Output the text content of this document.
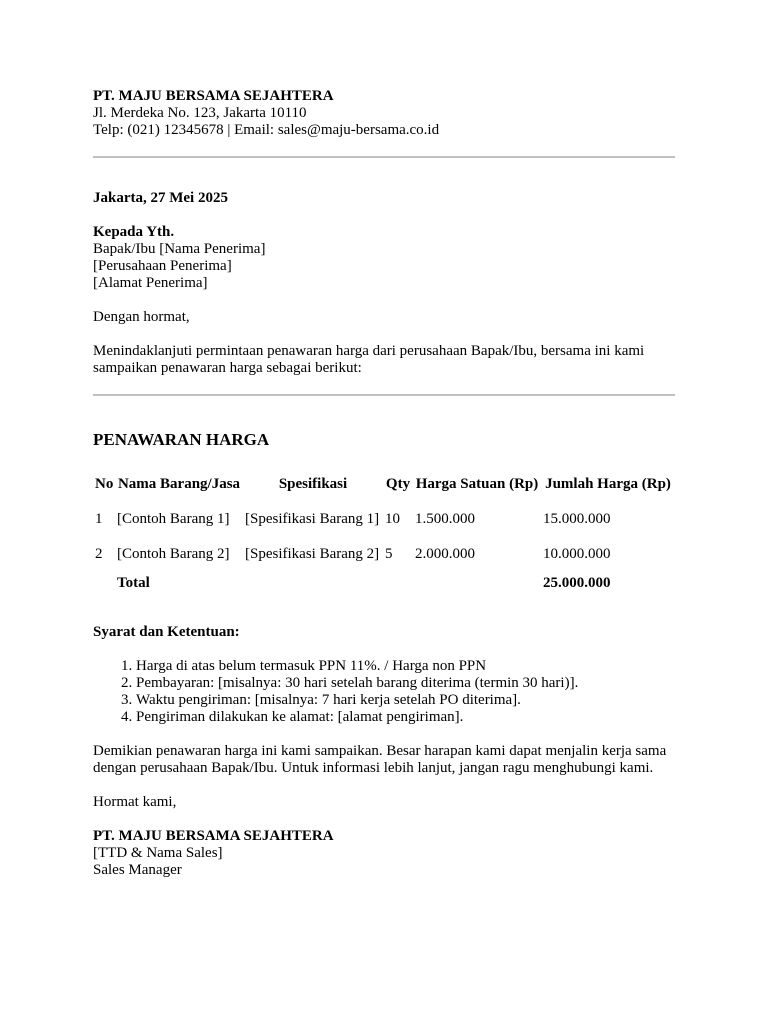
PT. MAJU BERSAMA SEJAHTERA
Jl. Merdeka No. 123, Jakarta 10110
Telp: (021) 12345678 | Email: sales@maju-bersama.co.id
Jakarta, 27 Mei 2025
Kepada Yth.
Bapak/Ibu [Nama Penerima]
[Perusahaan Penerima]
[Alamat Penerima]
Dengan hormat,
Menindaklanjuti permintaan penawaran harga dari perusahaan Bapak/Ibu, bersama ini kami sampaikan penawaran harga sebagai berikut:
PENAWARAN HARGA
No	Nama Barang/Jasa	Spesifikasi	Qty	Harga Satuan (Rp)	Jumlah Harga (Rp)
1	[Contoh Barang 1]	[Spesifikasi Barang 1]	10	1.500.000	15.000.000
2	[Contoh Barang 2]	[Spesifikasi Barang 2]	5	2.000.000	10.000.000
	Total				25.000.000
Syarat dan Ketentuan:
1. Harga di atas belum termasuk PPN 11%. / Harga non PPN
2. Pembayaran: [misalnya: 30 hari setelah barang diterima (termin 30 hari)].
3. Waktu pengiriman: [misalnya: 7 hari kerja setelah PO diterima].
4. Pengiriman dilakukan ke alamat: [alamat pengiriman].
Demikian penawaran harga ini kami sampaikan. Besar harapan kami dapat menjalin kerja sama dengan perusahaan Bapak/Ibu. Untuk informasi lebih lanjut, jangan ragu menghubungi kami.
Hormat kami,
PT. MAJU BERSAMA SEJAHTERA
[TTD & Nama Sales]
Sales Manager
